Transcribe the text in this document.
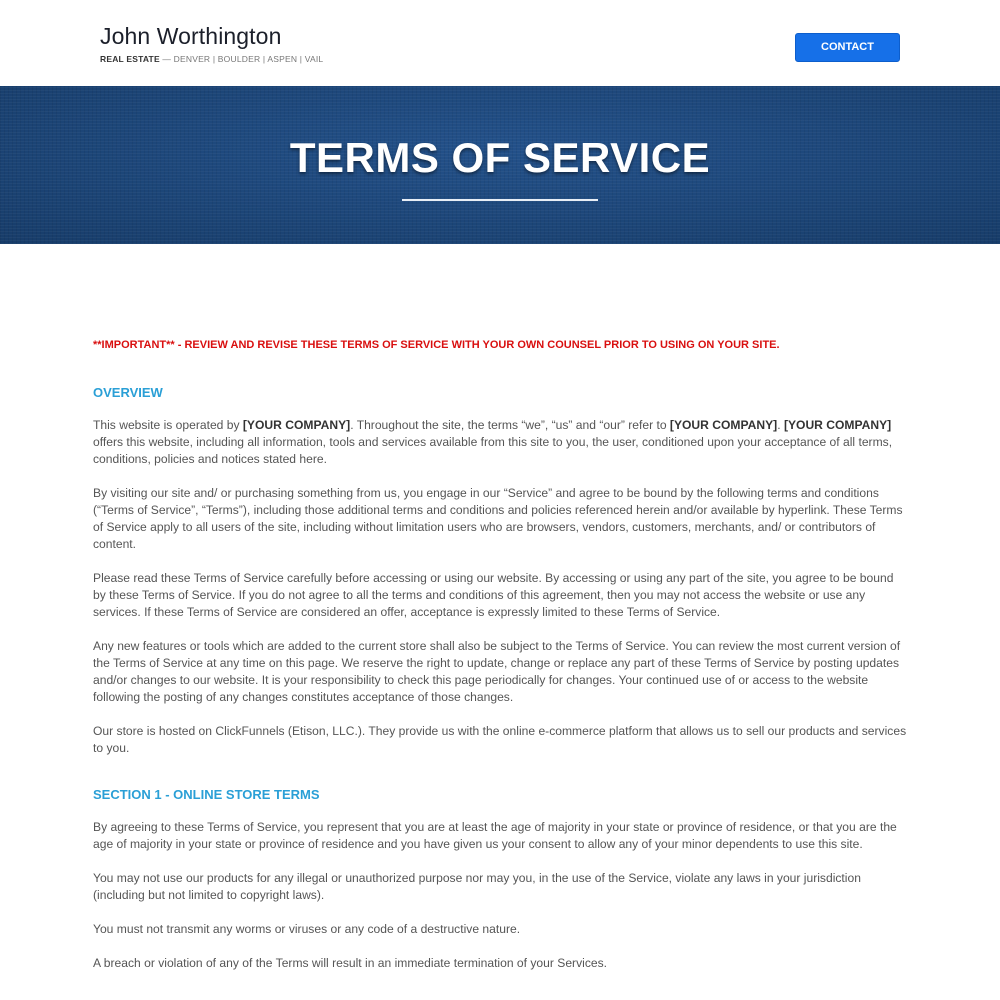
John Worthington
REAL ESTATE — DENVER | BOULDER | ASPEN | VAIL
CONTACT
TERMS OF SERVICE
**IMPORTANT** - REVIEW AND REVISE THESE TERMS OF SERVICE WITH YOUR OWN COUNSEL PRIOR TO USING ON YOUR SITE.
OVERVIEW

This website is operated by [YOUR COMPANY]. Throughout the site, the terms “we”, “us” and “our” refer to [YOUR COMPANY]. [YOUR COMPANY] offers this website, including all information, tools and services available from this site to you, the user, conditioned upon your acceptance of all terms, conditions, policies and notices stated here.

By visiting our site and/ or purchasing something from us, you engage in our “Service” and agree to be bound by the following terms and conditions (“Terms of Service”, “Terms”), including those additional terms and conditions and policies referenced herein and/or available by hyperlink. These Terms of Service apply to all users of the site, including without limitation users who are browsers, vendors, customers, merchants, and/ or contributors of content.

Please read these Terms of Service carefully before accessing or using our website. By accessing or using any part of the site, you agree to be bound by these Terms of Service. If you do not agree to all the terms and conditions of this agreement, then you may not access the website or use any services. If these Terms of Service are considered an offer, acceptance is expressly limited to these Terms of Service.

Any new features or tools which are added to the current store shall also be subject to the Terms of Service. You can review the most current version of the Terms of Service at any time on this page. We reserve the right to update, change or replace any part of these Terms of Service by posting updates and/or changes to our website. It is your responsibility to check this page periodically for changes. Your continued use of or access to the website following the posting of any changes constitutes acceptance of those changes.

Our store is hosted on ClickFunnels (Etison, LLC.). They provide us with the online e-commerce platform that allows us to sell our products and services to you.

SECTION 1 - ONLINE STORE TERMS

By agreeing to these Terms of Service, you represent that you are at least the age of majority in your state or province of residence, or that you are the age of majority in your state or province of residence and you have given us your consent to allow any of your minor dependents to use this site.

You may not use our products for any illegal or unauthorized purpose nor may you, in the use of the Service, violate any laws in your jurisdiction (including but not limited to copyright laws).

You must not transmit any worms or viruses or any code of a destructive nature.

A breach or violation of any of the Terms will result in an immediate termination of your Services.
